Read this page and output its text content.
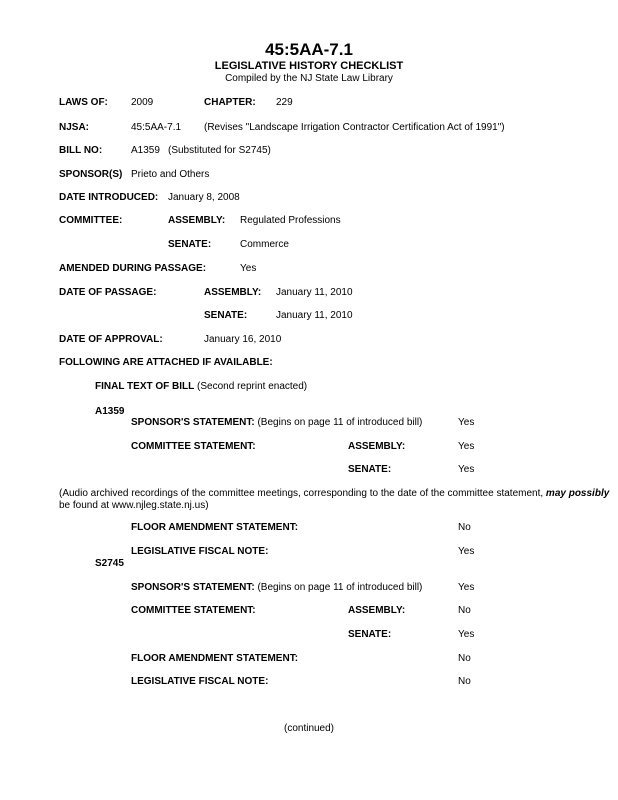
45:5AA-7.1
LEGISLATIVE HISTORY CHECKLIST
Compiled by the NJ State Law Library
LAWS OF: 2009	CHAPTER: 229
NJSA:	45:5AA-7.1 (Revises "Landscape Irrigation Contractor Certification Act of 1991")
BILL NO:	A1359 (Substituted for S2745)
SPONSOR(S) Prieto and Others
DATE INTRODUCED: January 8, 2008
COMMITTEE:	ASSEMBLY: Regulated Professions
SENATE:	Commerce
AMENDED DURING PASSAGE:	Yes
DATE OF PASSAGE:	ASSEMBLY: January 11, 2010
SENATE:	January 11, 2010
DATE OF APPROVAL:	January 16, 2010
FOLLOWING ARE ATTACHED IF AVAILABLE:
FINAL TEXT OF BILL (Second reprint enacted)
A1359
SPONSOR'S STATEMENT: (Begins on page 11 of introduced bill)	Yes
COMMITTEE STATEMENT:	ASSEMBLY:	Yes
SENATE:	Yes
(Audio archived recordings of the committee meetings, corresponding to the date of the committee statement, may possibly
be found at www.njleg.state.nj.us)
FLOOR AMENDMENT STATEMENT:	No
LEGISLATIVE FISCAL NOTE:	Yes
S2745
SPONSOR'S STATEMENT: (Begins on page 11 of introduced bill)	Yes
COMMITTEE STATEMENT:	ASSEMBLY:	No
SENATE:	Yes
FLOOR AMENDMENT STATEMENT:	No
LEGISLATIVE FISCAL NOTE:	No
(continued)
